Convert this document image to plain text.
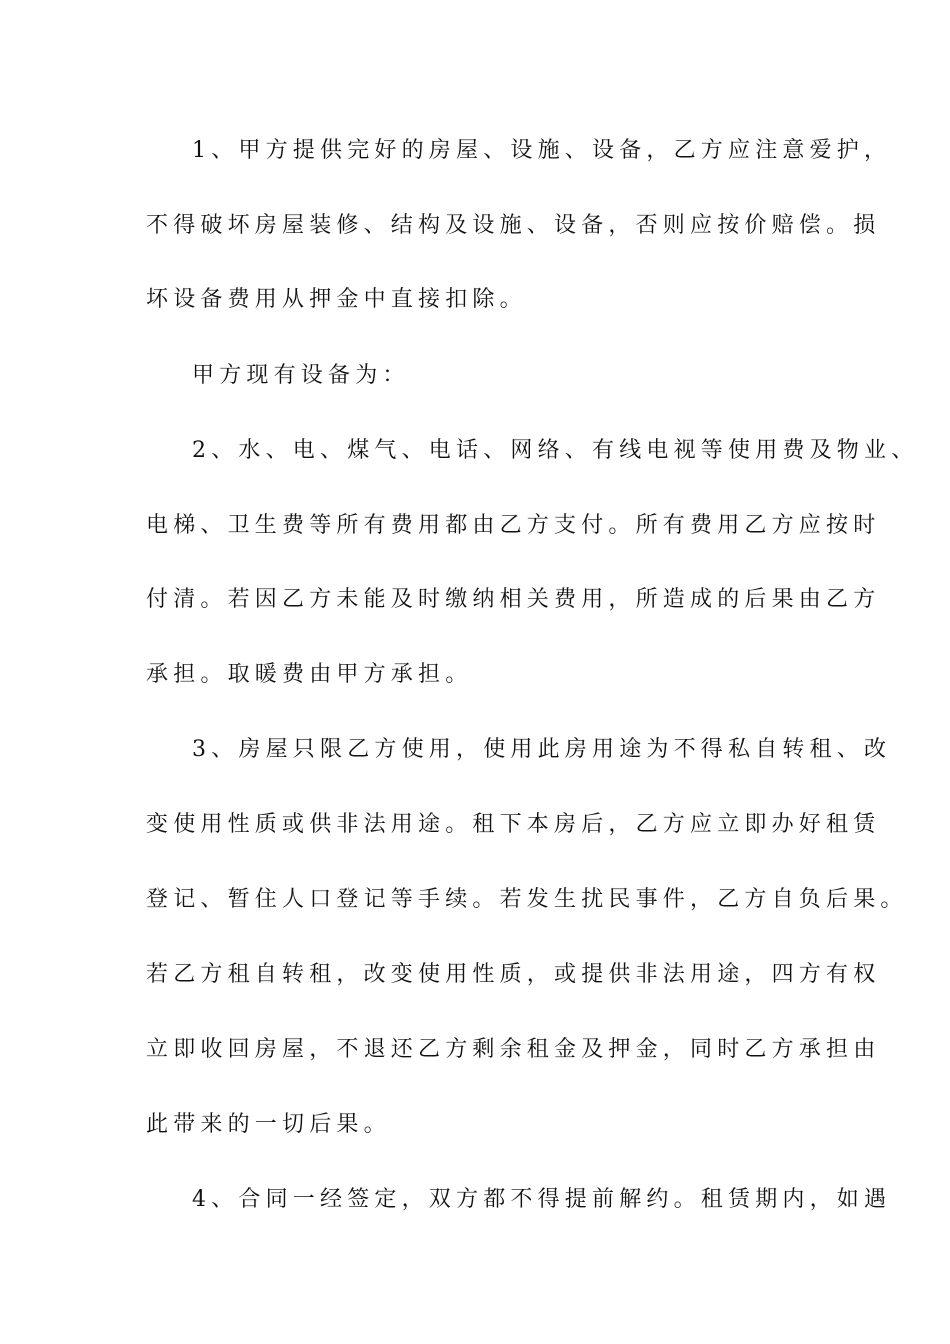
1、甲方提供完好的房屋、设施、设备，乙方应注意爱护，
不得破坏房屋装修、结构及设施、设备，否则应按价赔偿。损
坏设备费用从押金中直接扣除。
甲方现有设备为：
2、水、电、煤气、电话、网络、有线电视等使用费及物业、
电梯、卫生费等所有费用都由乙方支付。所有费用乙方应按时
付清。若因乙方未能及时缴纳相关费用，所造成的后果由乙方
承担。取暖费由甲方承担。
3、房屋只限乙方使用，使用此房用途为不得私自转租、改
变使用性质或供非法用途。租下本房后，乙方应立即办好租赁
登记、暂住人口登记等手续。若发生扰民事件，乙方自负后果。
若乙方租自转租，改变使用性质，或提供非法用途，四方有权
立即收回房屋，不退还乙方剩余租金及押金，同时乙方承担由
此带来的一切后果。
4、合同一经签定，双方都不得提前解约。租赁期内，如遇
